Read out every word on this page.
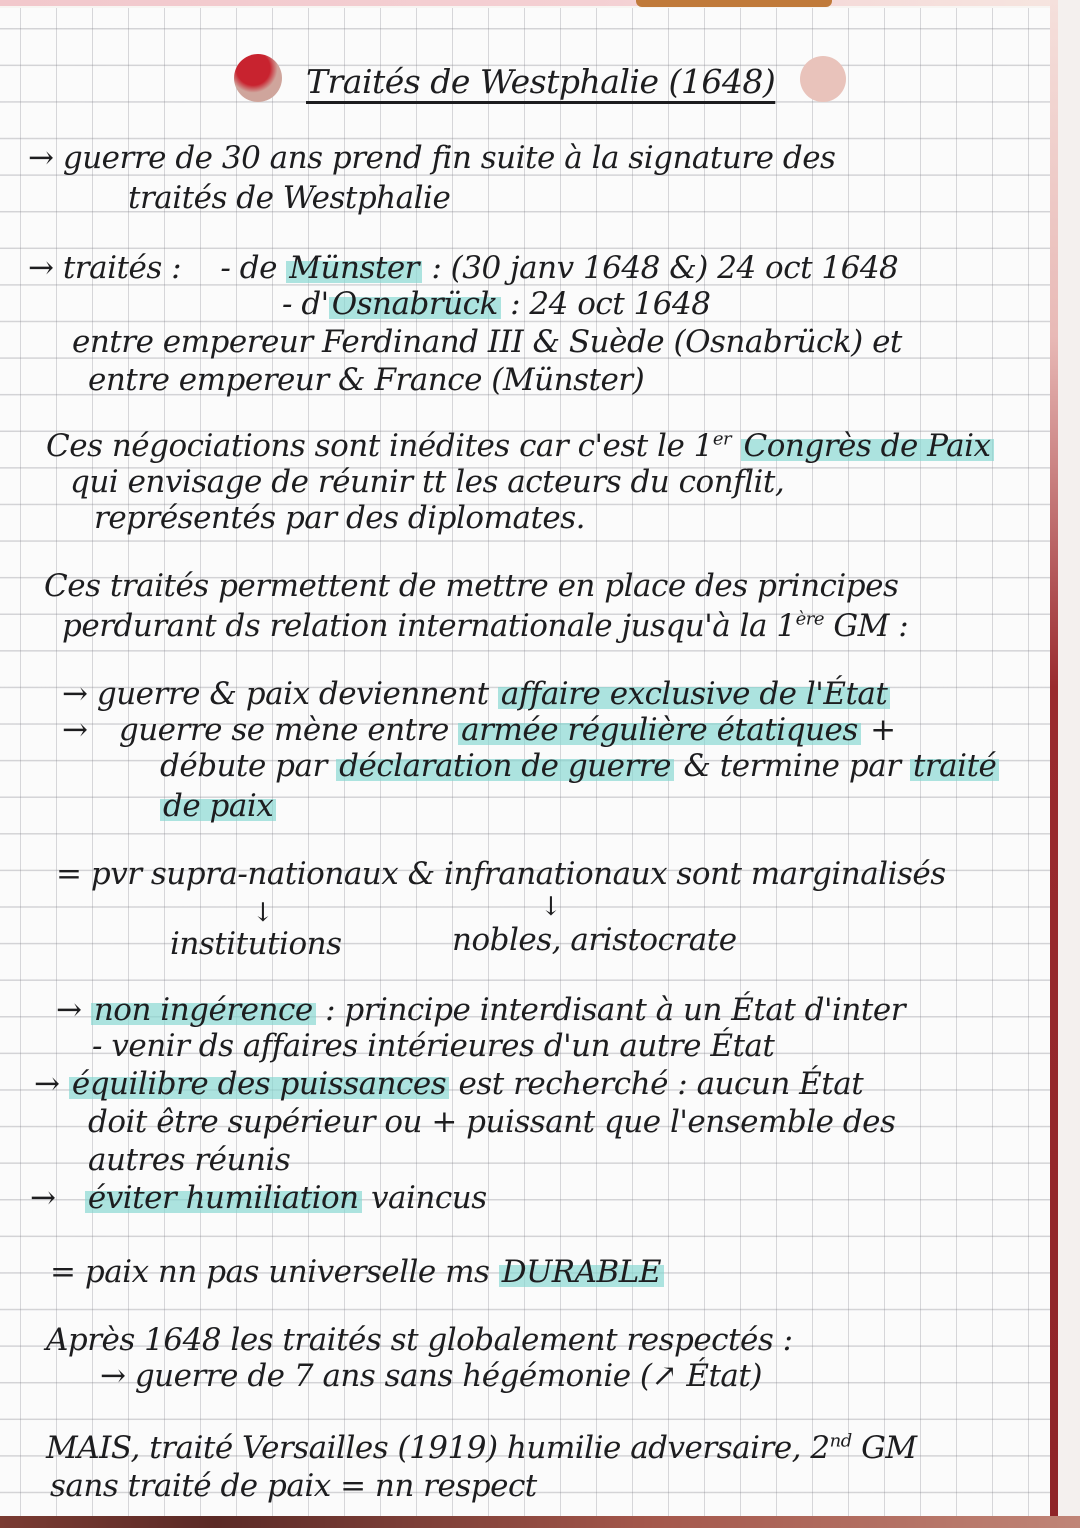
Traités de Westphalie (1648)
→ guerre de 30 ans prend fin suite à la signature des
traités de Westphalie
→ traités : - de Münster : (30 janv 1648 &) 24 oct 1648
- d'Osnabrück : 24 oct 1648
entre empereur Ferdinand III & Suède (Osnabrück) et
entre empereur & France (Münster)
Ces négociations sont inédites car c'est le 1er Congrès de Paix
qui envisage de réunir tt les acteurs du conflit,
représentés par des diplomates.
Ces traités permettent de mettre en place des principes
perdurant ds relation internationale jusqu'à la 1ère GM :
→ guerre & paix deviennent affaire exclusive de l'État
→ guerre se mène entre armée régulière étatiques +
débute par déclaration de guerre & termine par traité
de paix
= pvr supra-nationaux & infranationaux sont marginalisés
↓	↓
institutions	nobles, aristocrate
→ non ingérence : principe interdisant à un État d'inter
- venir ds affaires intérieures d'un autre État
→ équilibre des puissances est recherché : aucun État
doit être supérieur ou + puissant que l'ensemble des
autres réunis
→ éviter humiliation vaincus
= paix nn pas universelle ms DURABLE
Après 1648 les traités st globalement respectés :
→ guerre de 7 ans sans hégémonie (↗ État)
MAIS, traité Versailles (1919) humilie adversaire, 2nd GM
sans traité de paix = nn respect
